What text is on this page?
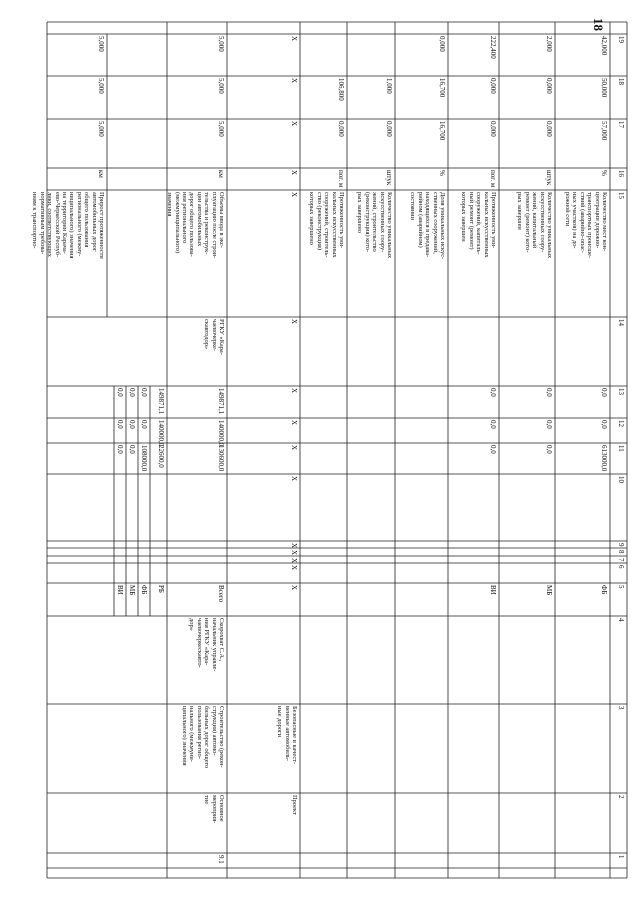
18
1
2
3
4
5
6
7
8
9
10
11
12
13
14
15
16
17
18
19
ФБ
613000,0
0,0
0,0
Количество мест кон-
центрации дорожно-
транспортных происше-
ствий (аварийно-опас-
ных участков) на до-
рожной сети
%
57,000
50,000
42,000
МБ
0,0
0,0
0,0
Количество уникальных
искусственных соору-
жений, капитальный
ремонт (ремонт) кото-
рых завершен
штук
0,000
0,000
2,000
ВИ
0,0
0,0
0,0
Протяженность уни-
кальных искусственных
сооружений, капиталь-
ный ремонт (ремонт)
которых завершен
пог. м
0,000
0,000
222,400
Доля уникальных искус-
ственных сооружений,
находящихся в предава-
рийном (аварийном)
состоянии
%
16,700
16,700
0,000
Количество уникальных
искусственных соору-
жений, строительство
(реконструкция) кото-
рых завершено
штук
0,000
1,000
Протяженность уни-
кальных искусственных
сооружений, строитель-
ство (реконструкция)
которых завершено
пог. м
0,000
106,800
Проект
Безопасные и качест-
венные автомобиль-
ные дороги
X
X
X
X
X
X
X
X
X
X
X
X
X
X
X
9.1
Основное
мероприя-
тие
Строительство (рекон-
струкция) автомо-
бильных дорог общего
пользования регио-
нального (межмуни-
ципального) значения
Скорохват С.А.,
начальник управле-
ния РГКУ «Кара-
чаевочеркескавто-
дор»
РГКУ «Кара-
чаевочерке-
скавтодор»
Всего
130600,0
140000,0
149871,1
РБ
22600,0
140000,0
149871,1
ФБ
108000,0
0,0
0,0
МБ
0,0
0,0
0,0
ВИ
0,0
0,0
0,0
Объемы ввода в экс-
плуатацию после строи-
тельства и реконструк-
ции автомобильных
дорог общего пользова-
ния регионального
(межмуниципального)
значения
км
5,000
5,000
5,000
Прирост протяженности
автомобильных дорог
общего пользования
регионального (межму-
ниципального) значения
на территории Карача-
ево-Черкесской Респуб-
лики, соответствующих
нормативным требова-
ниям к транспортно-
км
5,000
5,000
5,000
